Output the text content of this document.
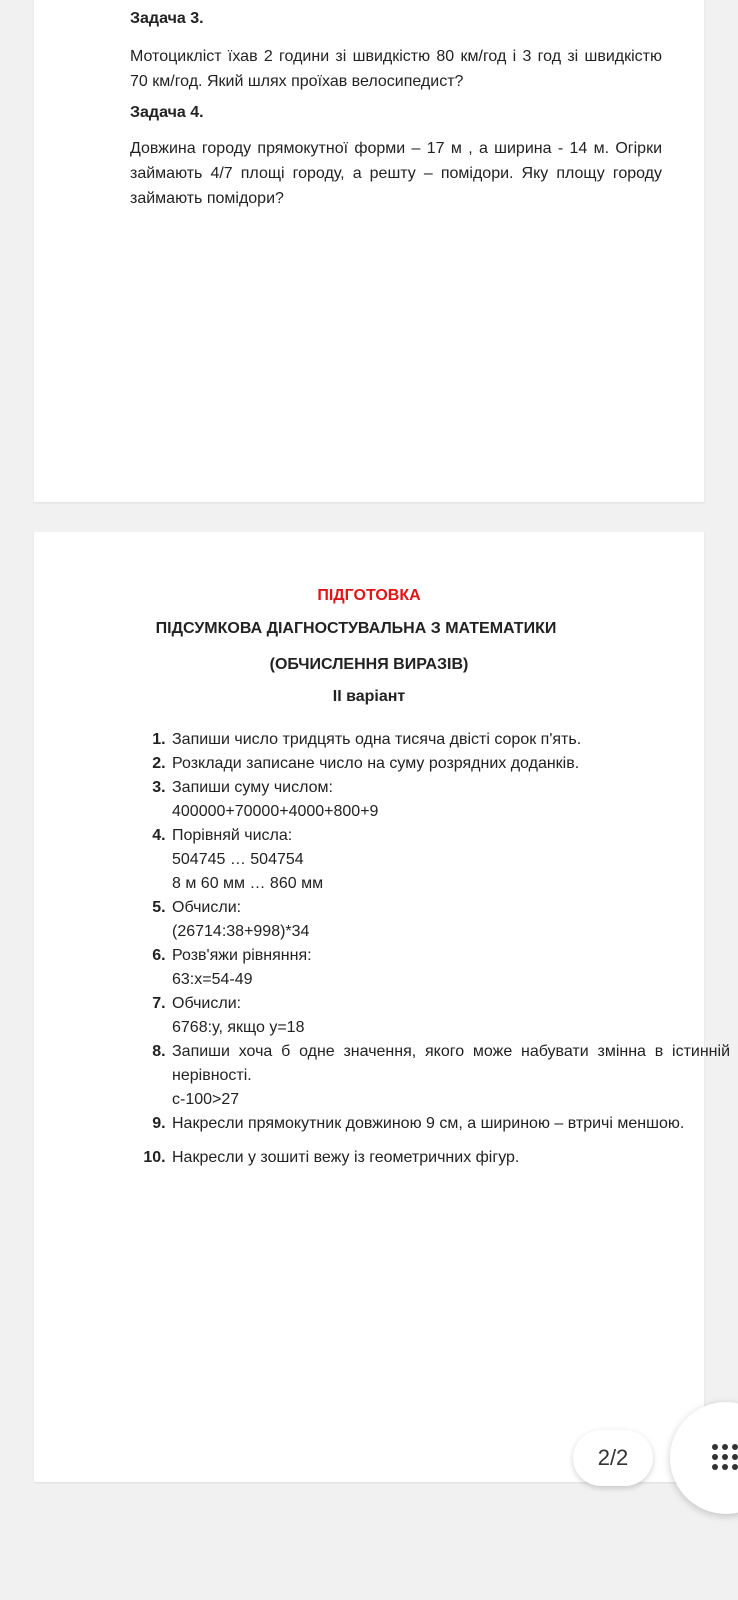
Задача 3.
Мотоцикліст їхав 2 години зі швидкістю 80 км/год і 3 год зі швидкістю 70 км/год. Який шлях проїхав велосипедист?
Задача 4.
Довжина городу прямокутної форми – 17 м , а ширина - 14 м. Огірки займають 4/7 площі городу, а решту – помідори. Яку площу городу займають помідори?
ПІДГОТОВКА
ПІДСУМКОВА ДІАГНОСТУВАЛЬНА З МАТЕМАТИКИ
(ОБЧИСЛЕННЯ ВИРАЗІВ)
ІІ варіант
1. Запиши число тридцять одна тисяча двісті сорок п'ять.
2. Розклади записане число на суму розрядних доданків.
3. Запиши суму числом:
400000+70000+4000+800+9
4. Порівняй числа:
504745 … 504754
8 м 60 мм … 860 мм
5. Обчисли:
(26714:38+998)*34
6. Розв'яжи рівняння:
63:х=54-49
7. Обчисли:
6768:у, якщо у=18
8. Запиши хоча б одне значення, якого може набувати змінна в істинній нерівності.
с-100>27
9. Накресли прямокутник довжиною 9 см, а шириною – втричі меншою.
10. Накресли у зошиті вежу із геометричних фігур.
2/2
